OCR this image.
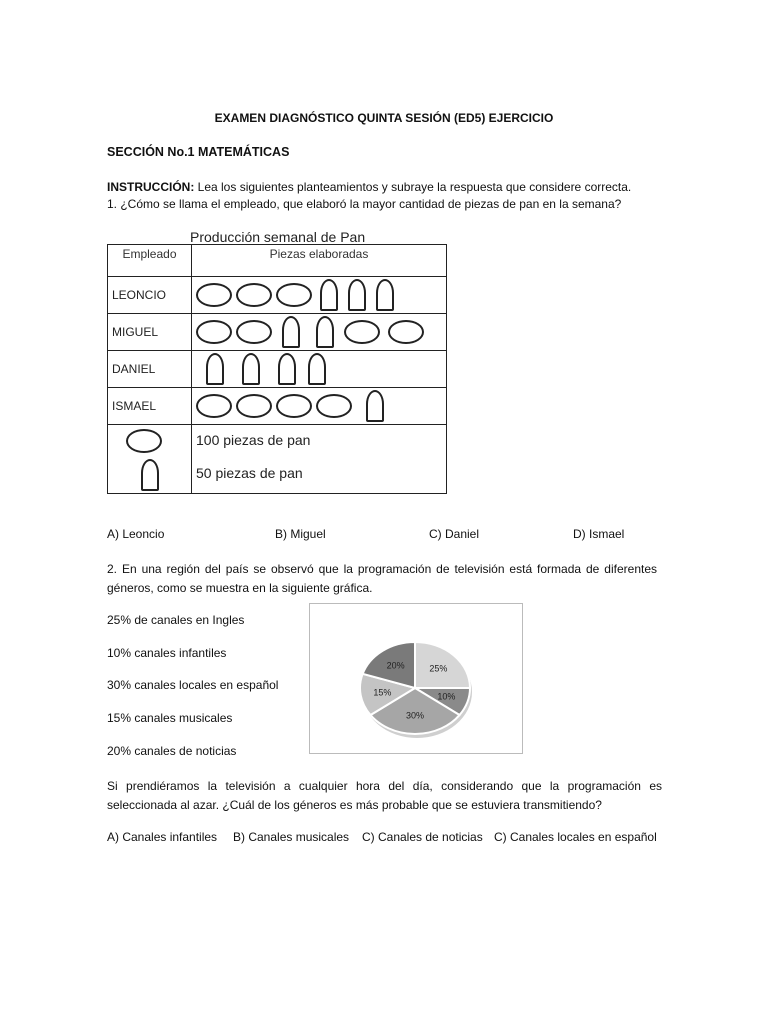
EXAMEN DIAGNÓSTICO QUINTA SESIÓN (ED5) EJERCICIO
SECCIÓN No.1 MATEMÁTICAS
INSTRUCCIÓN: Lea los siguientes planteamientos y subraye la respuesta que considere correcta.
1. ¿Cómo se llama el empleado, que elaboró la mayor cantidad de piezas de pan en la semana?
Producción semanal de Pan
Empleado	Piezas elaboradas

LEONCIO	

MIGUEL	

DANIEL	

ISMAEL	

	100 piezas de pan
50 piezas de pan
A) Leoncio	B) Miguel	C) Daniel	D) Ismael
2. En una región del país se observó que la programación de televisión está formada de diferentes géneros, como se muestra en la siguiente gráfica.
25% de canales en Ingles
10% canales infantiles
30% canales locales en español
15% canales musicales
20% canales de noticias
25%
10%
30%
15%
20%
Si prendiéramos la televisión a cualquier hora del día, considerando que la programación es seleccionada al azar. ¿Cuál de los géneros es más probable que se estuviera transmitiendo?
A) Canales infantiles B) Canales musicales C) Canales de noticias C) Canales locales en español
